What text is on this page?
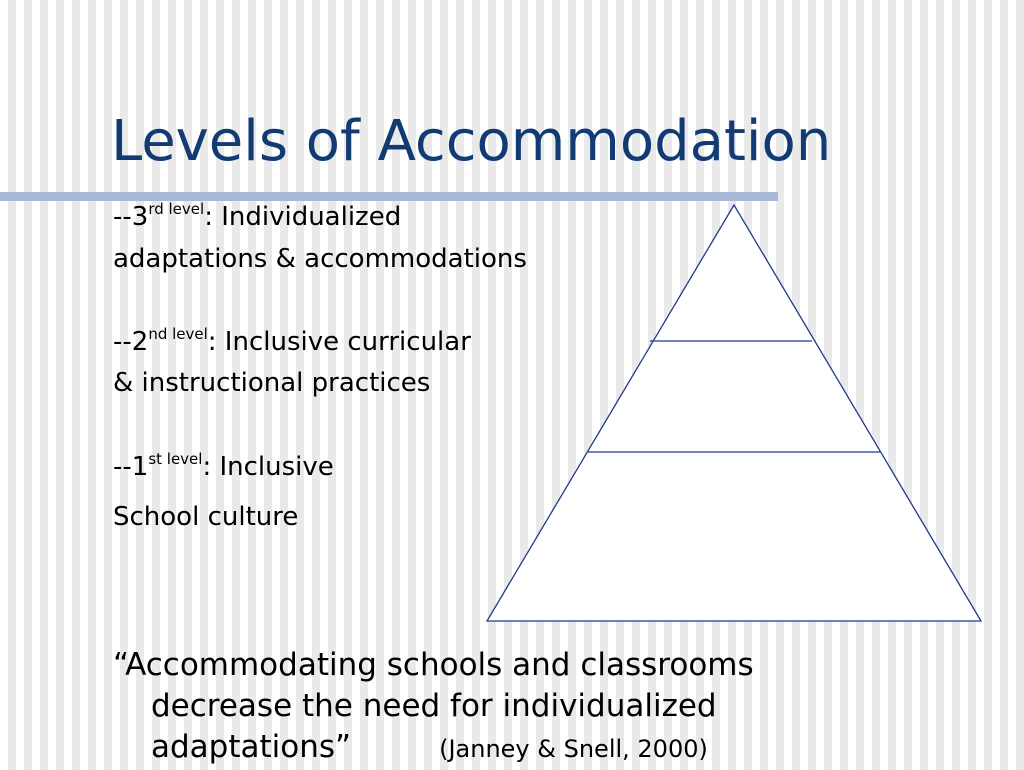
Levels of Accommodation

$--3^{rd level}$: Individualized

adaptations & accommodations

$--2^{nd level}$: Inclusive curricular

& instructional practices

$--1^{st level}$: Inclusive

School culture

“Accommodating schools and classrooms
decrease the need for individualized
adaptations”	(Janney & Snell, 2000)
